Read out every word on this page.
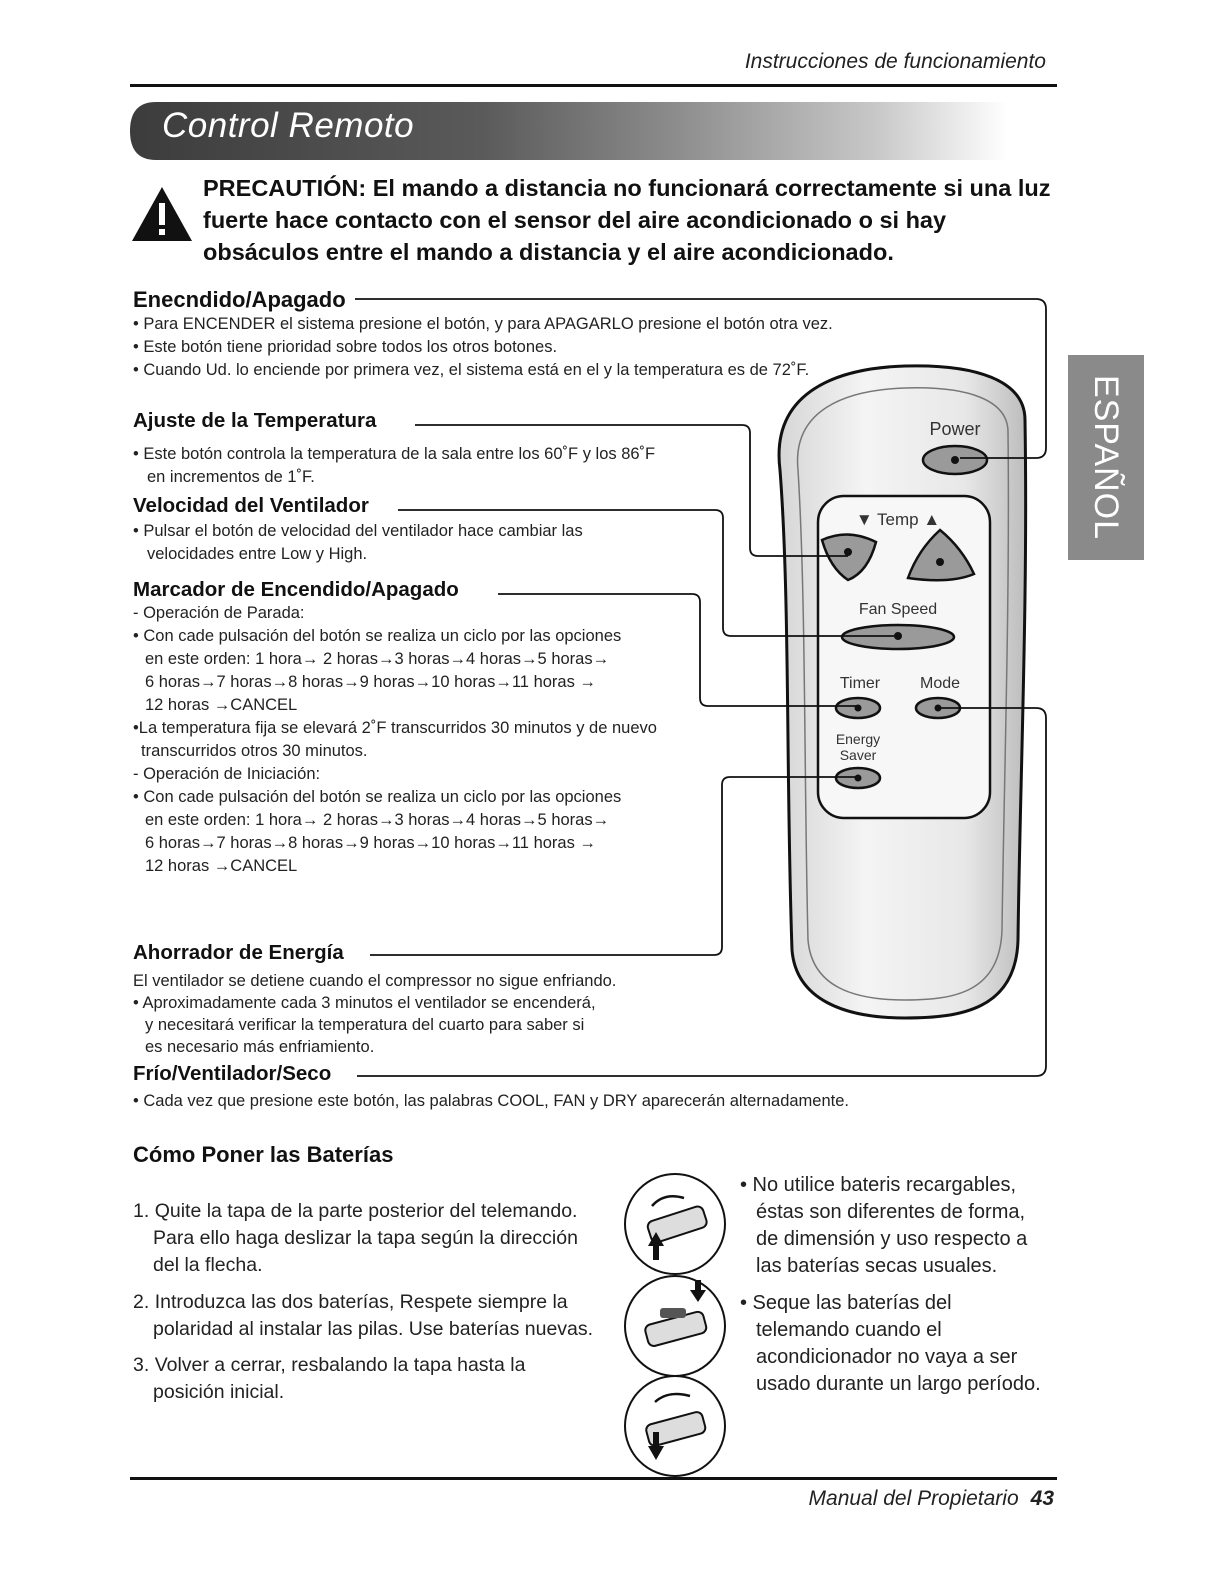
Instrucciones de funcionamiento
Control Remoto
PRECAUTIÓN: El mando a distancia no funcionará correctamente si una luz fuerte hace contacto con el sensor del aire acondicionado o si hay obsáculos entre el mando a distancia y el aire acondicionado.
ESPAÑOL
Power
▼ Temp ▲
Fan Speed
Timer Mode
Energy
Saver
Enecndido/Apagado
• Para ENCENDER el sistema presione el botón, y para APAGARLO presione el botón otra vez.
• Este botón tiene prioridad sobre todos los otros botones.
• Cuando Ud. lo enciende por primera vez, el sistema está en el y la temperatura es de 72˚F.
Ajuste de la Temperatura
• Este botón controla la temperatura de la sala entre los 60˚F y los 86˚F
en incrementos de 1˚F.
Velocidad del Ventilador
• Pulsar el botón de velocidad del ventilador hace cambiar las
velocidades entre Low y High.
Marcador de Encendido/Apagado
- Operación de Parada:
• Con cade pulsación del botón se realiza un ciclo por las opciones
en este orden: 1 hora→ 2 horas→3 horas→4 horas→5 horas→
6 horas→7 horas→8 horas→9 horas→10 horas→11 horas →
12 horas →CANCEL
•La temperatura fija se elevará 2˚F transcurridos 30 minutos y de nuevo
transcurridos otros 30 minutos.
- Operación de Iniciación:
• Con cade pulsación del botón se realiza un ciclo por las opciones
en este orden: 1 hora→ 2 horas→3 horas→4 horas→5 horas→
6 horas→7 horas→8 horas→9 horas→10 horas→11 horas →
12 horas →CANCEL
Ahorrador de Energía
El ventilador se detiene cuando el compressor no sigue enfriando.
• Aproximadamente cada 3 minutos el ventilador se encenderá,
y necesitará verificar la temperatura del cuarto para saber si
es necesario más enfriamiento.
Frío/Ventilador/Seco
• Cada vez que presione este botón, las palabras COOL, FAN y DRY aparecerán alternadamente.
Cómo Poner las Baterías
1. Quite la tapa de la parte posterior del telemando.
Para ello haga deslizar la tapa según la dirección
del la flecha.
2. Introduzca las dos baterías, Respete siempre la
polaridad al instalar las pilas. Use baterías nuevas.
3. Volver a cerrar, resbalando la tapa hasta la
posición inicial.
• No utilice bateris recargables,
éstas son diferentes de forma,
de dimensión y uso respecto a
las baterías secas usuales.
• Seque las baterías del
telemando cuando el
acondicionador no vaya a ser
usado durante un largo período.
Manual del Propietario 43
